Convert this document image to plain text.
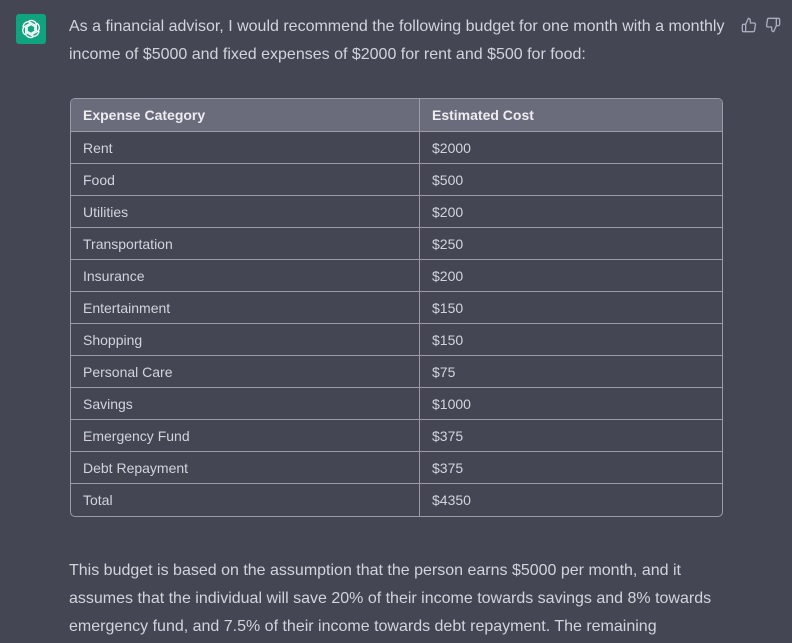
As a financial advisor, I would recommend the following budget for one month with a monthly income of $5000 and fixed expenses of $2000 for rent and $500 for food:

Expense Category	Estimated Cost
Rent	$2000
Food	$500
Utilities	$200
Transportation	$250
Insurance	$200
Entertainment	$150
Shopping	$150
Personal Care	$75
Savings	$1000
Emergency Fund	$375
Debt Repayment	$375
Total	$4350

This budget is based on the assumption that the person earns $5000 per month, and it assumes that the individual will save 20% of their income towards savings and 8% towards emergency fund, and 7.5% of their income towards debt repayment. The remaining
